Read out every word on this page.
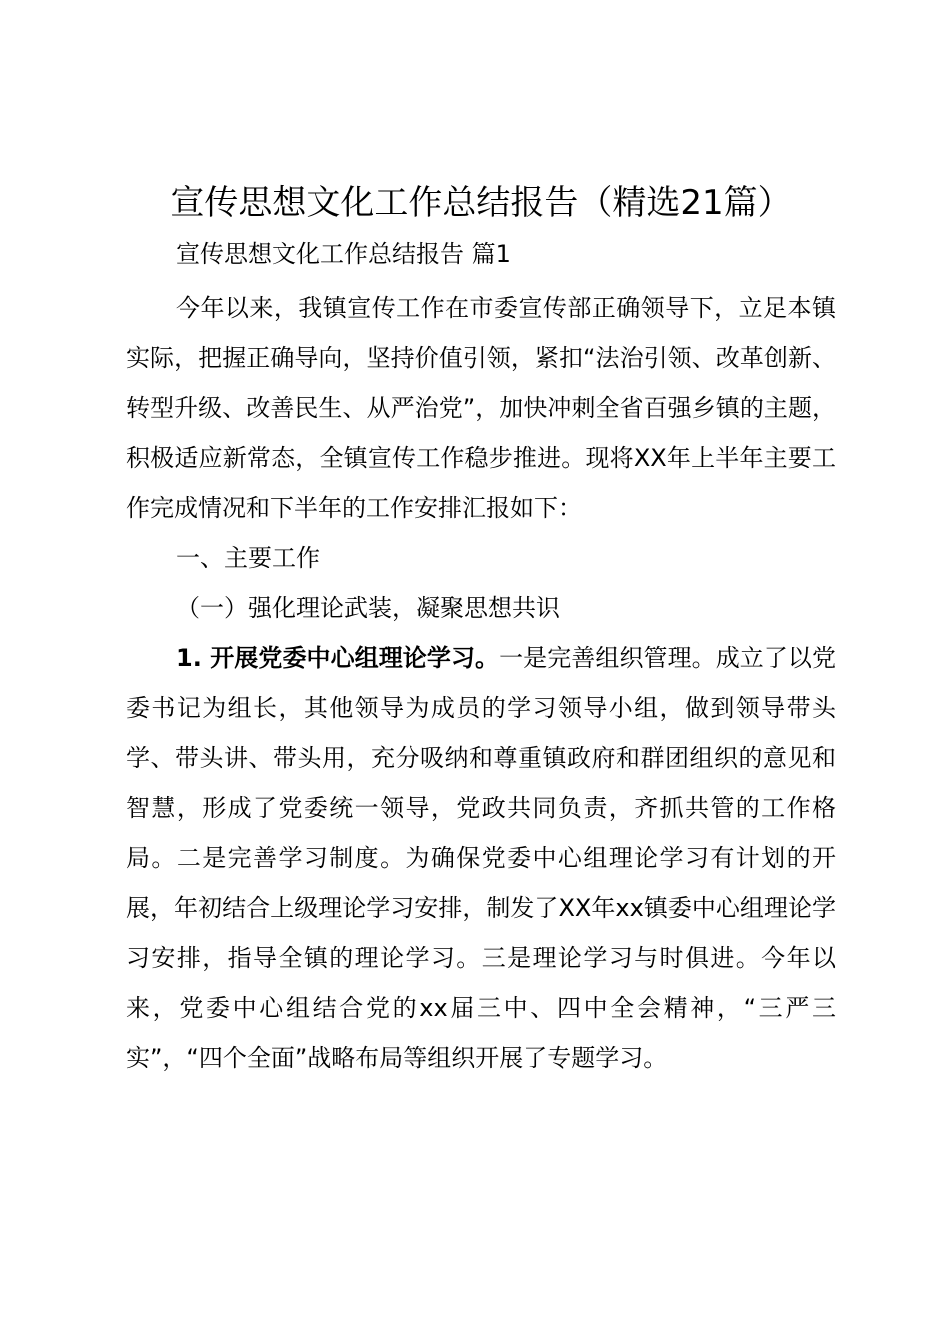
宣传思想文化工作总结报告（精选21篇）
宣传思想文化工作总结报告 篇1

今年以来，我镇宣传工作在市委宣传部正确领导下，立足本镇实际，把握正确导向，坚持价值引领，紧扣“法治引领、改革创新、转型升级、改善民生、从严治党”，加快冲刺全省百强乡镇的主题，积极适应新常态，全镇宣传工作稳步推进。现将XX年上半年主要工作完成情况和下半年的工作安排汇报如下：

一、主要工作

（一）强化理论武装，凝聚思想共识

1. 开展党委中心组理论学习。一是完善组织管理。成立了以党委书记为组长，其他领导为成员的学习领导小组，做到领导带头学、带头讲、带头用，充分吸纳和尊重镇政府和群团组织的意见和智慧，形成了党委统一领导，党政共同负责，齐抓共管的工作格局。二是完善学习制度。为确保党委中心组理论学习有计划的开展，年初结合上级理论学习安排，制发了XX年xx镇委中心组理论学习安排，指导全镇的理论学习。三是理论学习与时俱进。今年以来，党委中心组结合党的xx届三中、四中全会精神，“三严三实”，“四个全面”战略布局等组织开展了专题学习。
